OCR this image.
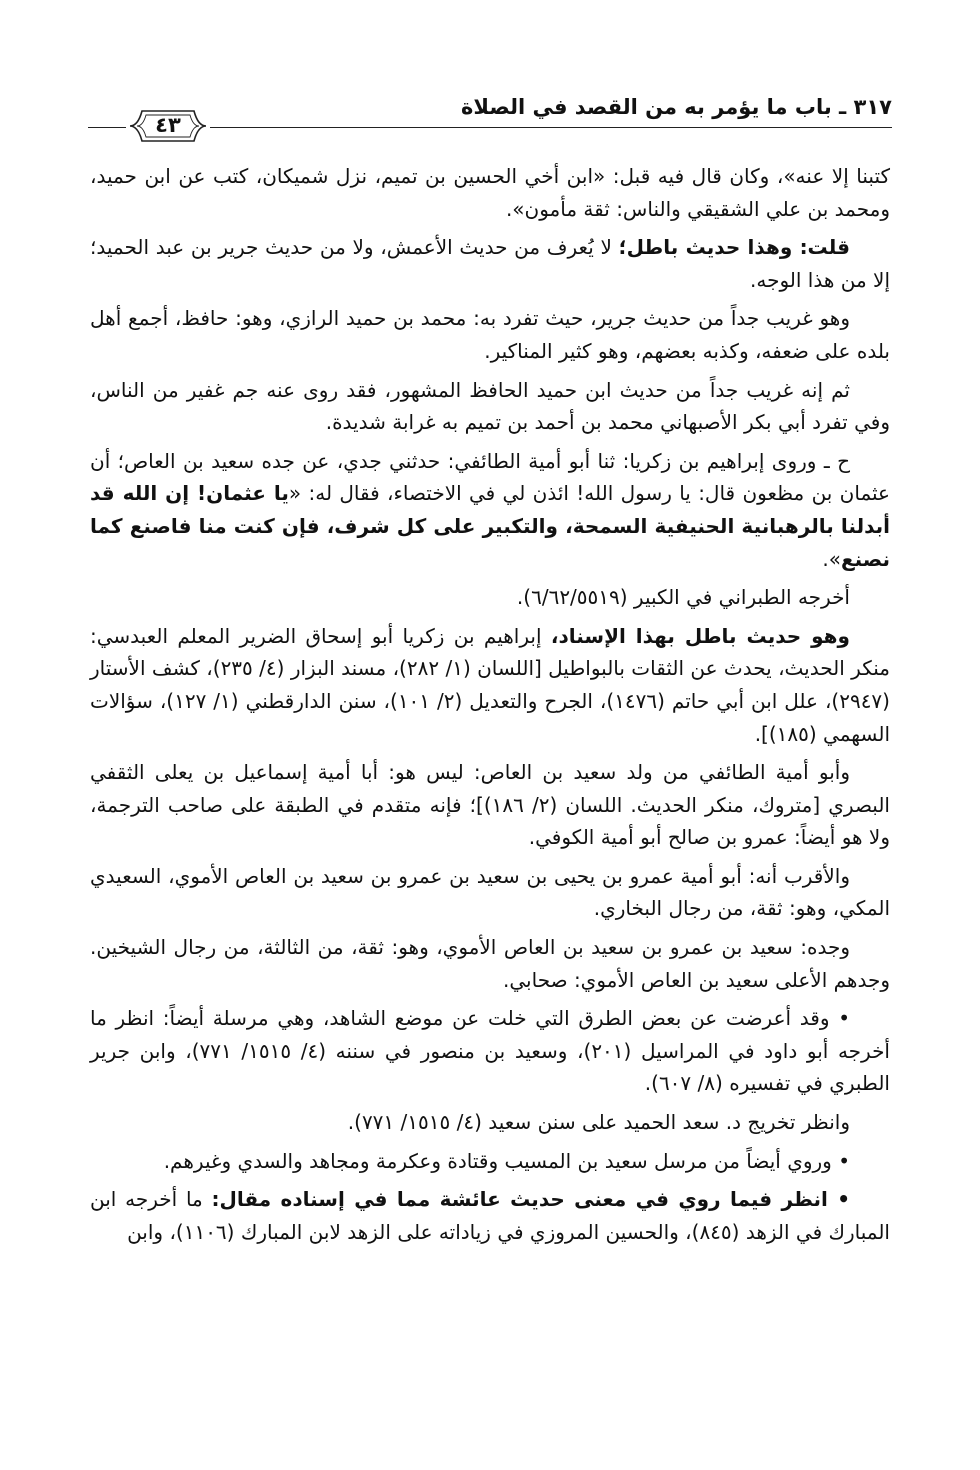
٣١٧ ـ باب ما يؤمر به من القصد في الصلاة
٤٣

كتبنا إلا عنه»، وكان قال فيه قبل: «ابن أخي الحسين بن تميم، نزل شميكان، كتب عن ابن حميد، ومحمد بن علي الشقيقي والناس: ثقة مأمون».

قلت: وهذا حديث باطل؛ لا يُعرف من حديث الأعمش، ولا من حديث جرير بن عبد الحميد؛ إلا من هذا الوجه.

وهو غريب جداً من حديث جرير، حيث تفرد به: محمد بن حميد الرازي، وهو: حافظ، أجمع أهل بلده على ضعفه، وكذبه بعضهم، وهو كثير المناكير.

ثم إنه غريب جداً من حديث ابن حميد الحافظ المشهور، فقد روى عنه جم غفير من الناس، وفي تفرد أبي بكر الأصبهاني محمد بن أحمد بن تميم به غرابة شديدة.

ح ـ وروى إبراهيم بن زكريا: ثنا أبو أمية الطائفي: حدثني جدي، عن جده سعيد بن العاص؛ أن عثمان بن مظعون قال: يا رسول الله! ائذن لي في الاختصاء، فقال له: «يا عثمان! إن الله قد أبدلنا بالرهبانية الحنيفية السمحة، والتكبير على كل شرف، فإن كنت منا فاصنع كما نصنع».

أخرجه الطبراني في الكبير (٦/٦٢/٥٥١٩).

وهو حديث باطل بهذا الإسناد، إبراهيم بن زكريا أبو إسحاق الضرير المعلم العبدسي: منكر الحديث، يحدث عن الثقات بالبواطيل [اللسان (١/ ٢٨٢)، مسند البزار (٤/ ٢٣٥)، كشف الأستار (٢٩٤٧)، علل ابن أبي حاتم (١٤٧٦)، الجرح والتعديل (٢/ ١٠١)، سنن الدارقطني (١/ ١٢٧)، سؤالات السهمي (١٨٥)].

وأبو أمية الطائفي من ولد سعيد بن العاص: ليس هو: أبا أمية إسماعيل بن يعلى الثقفي البصري [متروك، منكر الحديث. اللسان (٢/ ١٨٦)]؛ فإنه متقدم في الطبقة على صاحب الترجمة، ولا هو أيضاً: عمرو بن صالح أبو أمية الكوفي.

والأقرب أنه: أبو أمية عمرو بن يحيى بن سعيد بن عمرو بن سعيد بن العاص الأموي، السعيدي المكي، وهو: ثقة، من رجال البخاري.

وجده: سعيد بن عمرو بن سعيد بن العاص الأموي، وهو: ثقة، من الثالثة، من رجال الشيخين. وجدهم الأعلى سعيد بن العاص الأموي: صحابي.

• وقد أعرضت عن بعض الطرق التي خلت عن موضع الشاهد، وهي مرسلة أيضاً: انظر ما أخرجه أبو داود في المراسيل (٢٠١)، وسعيد بن منصور في سننه (٤/ ١٥١٥/ ٧٧١)، وابن جرير الطبري في تفسيره (٨/ ٦٠٧).

وانظر تخريج د. سعد الحميد على سنن سعيد (٤/ ١٥١٥/ ٧٧١).

• وروي أيضاً من مرسل سعيد بن المسيب وقتادة وعكرمة ومجاهد والسدي وغيرهم.

• انظر فيما روي في معنى حديث عائشة مما في إسناده مقال: ما أخرجه ابن المبارك في الزهد (٨٤٥)، والحسين المروزي في زياداته على الزهد لابن المبارك (١١٠٦)، وابن
